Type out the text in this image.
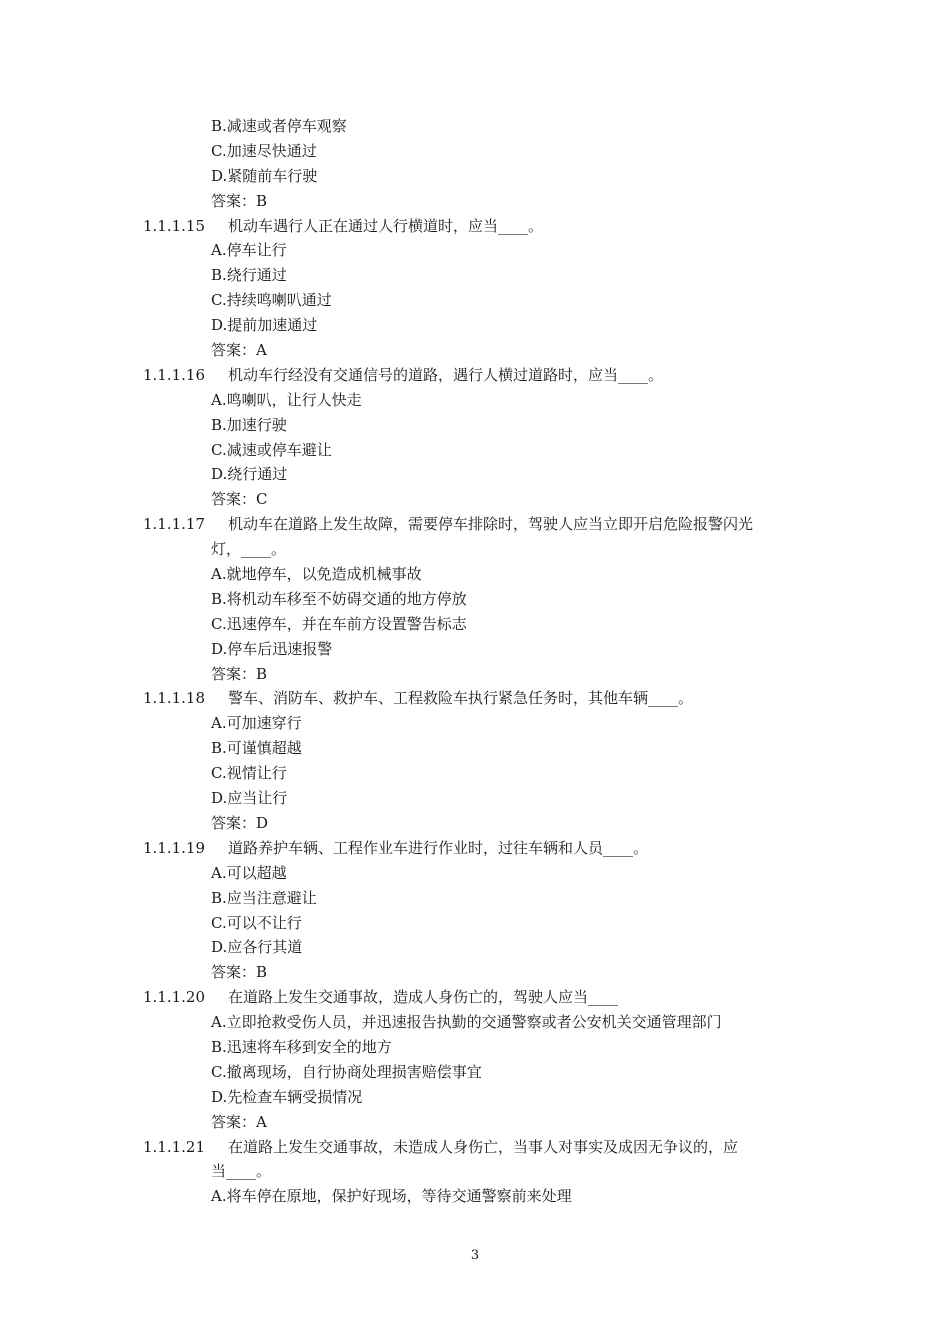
B.减速或者停车观察
C.加速尽快通过
D.紧随前车行驶
答案：B
1.1.1.15 机动车遇行人正在通过人行横道时，应当____。
A.停车让行
B.绕行通过
C.持续鸣喇叭通过
D.提前加速通过
答案：A
1.1.1.16 机动车行经没有交通信号的道路，遇行人横过道路时，应当____。
A.鸣喇叭，让行人快走
B.加速行驶
C.减速或停车避让
D.绕行通过
答案：C
1.1.1.17 机动车在道路上发生故障，需要停车排除时，驾驶人应当立即开启危险报警闪光
灯，____。
A.就地停车，以免造成机械事故
B.将机动车移至不妨碍交通的地方停放
C.迅速停车，并在车前方设置警告标志
D.停车后迅速报警
答案：B
1.1.1.18 警车、消防车、救护车、工程救险车执行紧急任务时，其他车辆____。
A.可加速穿行
B.可谨慎超越
C.视情让行
D.应当让行
答案：D
1.1.1.19 道路养护车辆、工程作业车进行作业时，过往车辆和人员____。
A.可以超越
B.应当注意避让
C.可以不让行
D.应各行其道
答案：B
1.1.1.20 在道路上发生交通事故，造成人身伤亡的，驾驶人应当____
A.立即抢救受伤人员，并迅速报告执勤的交通警察或者公安机关交通管理部门
B.迅速将车移到安全的地方
C.撤离现场，自行协商处理损害赔偿事宜
D.先检查车辆受损情况
答案：A
1.1.1.21 在道路上发生交通事故，未造成人身伤亡，当事人对事实及成因无争议的，应
当____。
A.将车停在原地，保护好现场，等待交通警察前来处理
3
